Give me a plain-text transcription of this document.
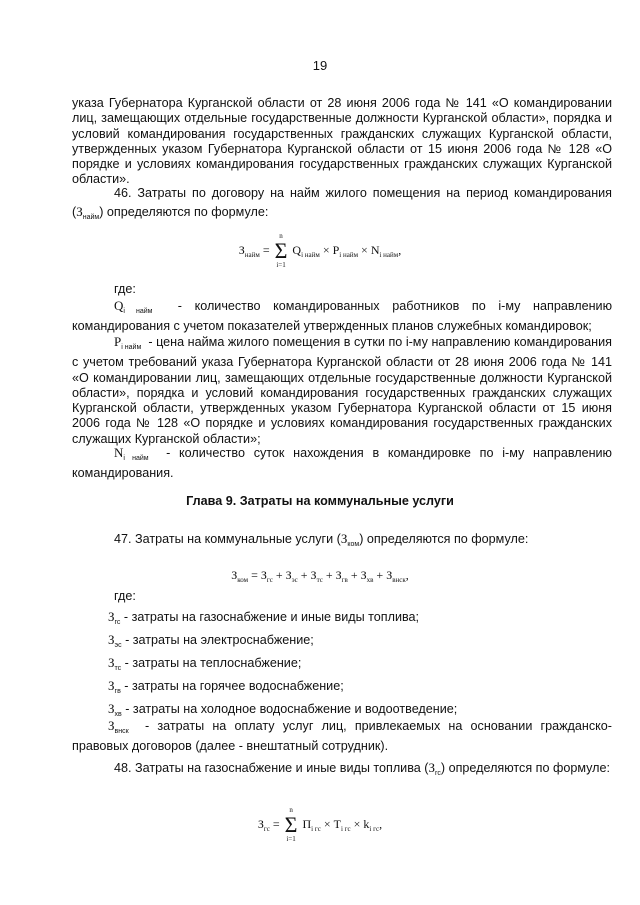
19
указа Губернатора Курганской области от 28 июня 2006 года № 141 «О командировании лиц, замещающих отдельные государственные должности Курганской области», порядка и условий командирования государственных гражданских служащих Курганской области, утвержденных указом Губернатора Курганской области от 15 июня 2006 года № 128 «О порядке и условиях командирования государственных гражданских служащих Курганской области».
46. Затраты по договору на найм жилого помещения на период командирования
$(З_{найм})$ определяются по формуле:
$З_{найм}$ =
n
Σ
i=1
$Q_{i найм} \times P_{i найм} \times N_{i найм}$,
где:
$Q_{i найм}$ - количество командированных работников по i-му направлению командирования с учетом показателей утвержденных планов служебных командировок;
$P_{i найм}$ - цена найма жилого помещения в сутки по i-му направлению командирования с учетом требований указа Губернатора Курганской области от 28 июня 2006 года № 141 «О командировании лиц, замещающих отдельные государственные должности Курганской области», порядка и условий командирования государственных гражданских служащих Курганской области, утвержденных указом Губернатора Курганской области от 15 июня 2006 года № 128 «О порядке и условиях командирования государственных гражданских служащих Курганской области»;
$N_{i найм}$ - количество суток нахождения в командировке по i-му направлению командирования.
Глава 9. Затраты на коммунальные услуги
47. Затраты на коммунальные услуги $(З_{ком})$ определяются по формуле:
$З_{ком} = З_{гс} + З_{эс} + З_{тс} + З_{гв} + З_{хв} + З_{внск}$,
где:
$З_{гс}$ - затраты на газоснабжение и иные виды топлива;
$З_{эс}$ - затраты на электроснабжение;
$З_{тс}$ - затраты на теплоснабжение;
$З_{гв}$ - затраты на горячее водоснабжение;
$З_{хв}$ - затраты на холодное водоснабжение и водоотведение;
$З_{внск}$ - затраты на оплату услуг лиц, привлекаемых на основании гражданско-правовых договоров (далее - внештатный сотрудник).
48. Затраты на газоснабжение и иные виды топлива $(З_{гс})$ определяются по формуле:
$З_{гс}$ =
n
Σ
i=1
$П_{i гс} \times Т_{i гс} \times k_{i гс}$,
